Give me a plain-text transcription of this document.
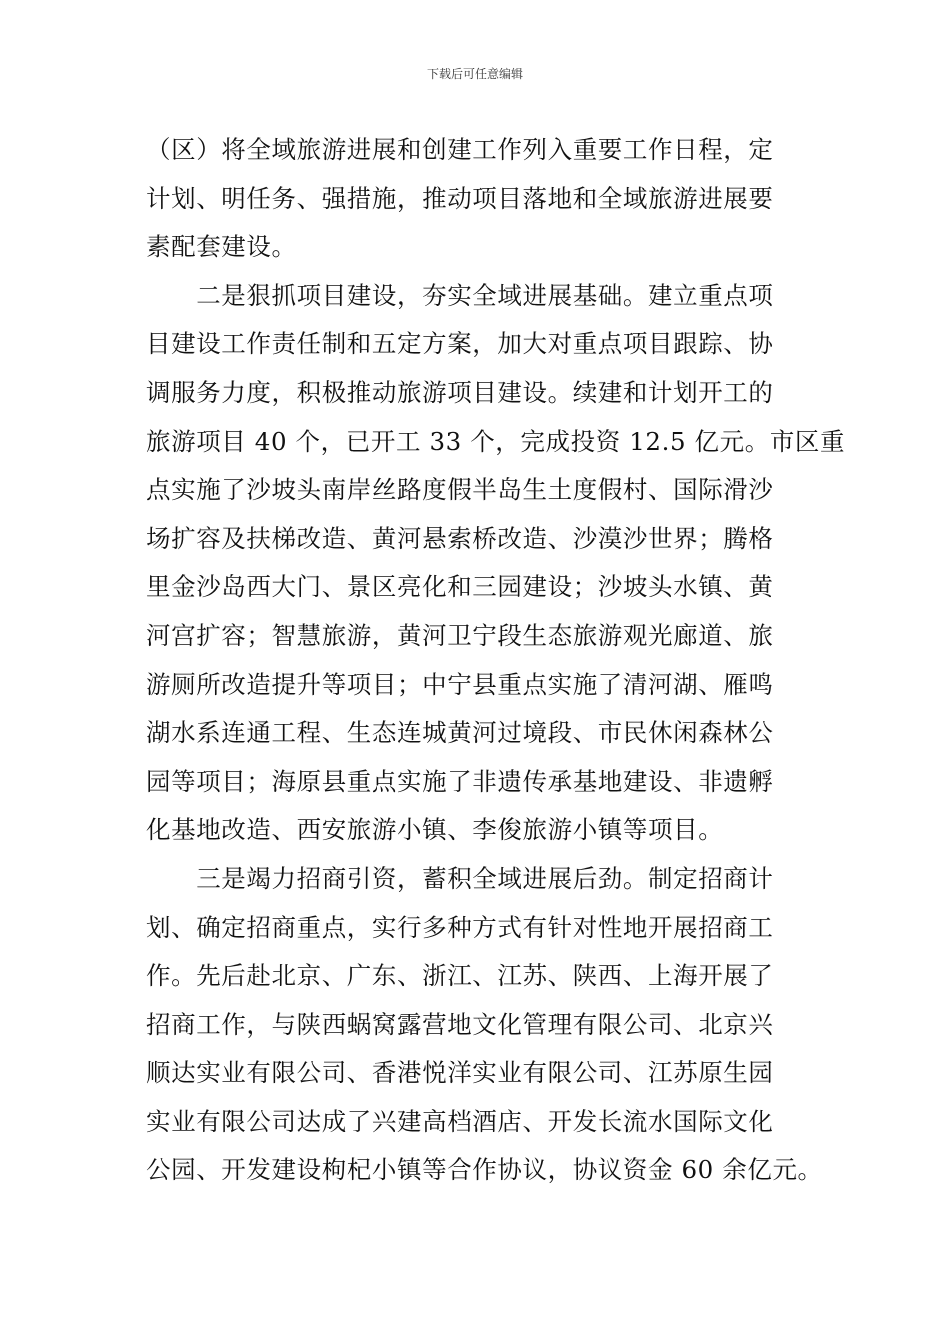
下载后可任意编辑
（区）将全域旅游进展和创建工作列入重要工作日程，定
计划、明任务、强措施，推动项目落地和全域旅游进展要
素配套建设。
　　二是狠抓项目建设，夯实全域进展基础。建立重点项
目建设工作责任制和五定方案，加大对重点项目跟踪、协
调服务力度，积极推动旅游项目建设。续建和计划开工的
旅游项目 40 个，已开工 33 个，完成投资 12.5 亿元。市区重
点实施了沙坡头南岸丝路度假半岛生土度假村、国际滑沙
场扩容及扶梯改造、黄河悬索桥改造、沙漠沙世界；腾格
里金沙岛西大门、景区亮化和三园建设；沙坡头水镇、黄
河宫扩容；智慧旅游，黄河卫宁段生态旅游观光廊道、旅
游厕所改造提升等项目；中宁县重点实施了清河湖、雁鸣
湖水系连通工程、生态连城黄河过境段、市民休闲森林公
园等项目；海原县重点实施了非遗传承基地建设、非遗孵
化基地改造、西安旅游小镇、李俊旅游小镇等项目。
　　三是竭力招商引资，蓄积全域进展后劲。制定招商计
划、确定招商重点，实行多种方式有针对性地开展招商工
作。先后赴北京、广东、浙江、江苏、陕西、上海开展了
招商工作，与陕西蜗窝露营地文化管理有限公司、北京兴
顺达实业有限公司、香港悦洋实业有限公司、江苏原生园
实业有限公司达成了兴建高档酒店、开发长流水国际文化
公园、开发建设枸杞小镇等合作协议，协议资金 60 余亿元。
